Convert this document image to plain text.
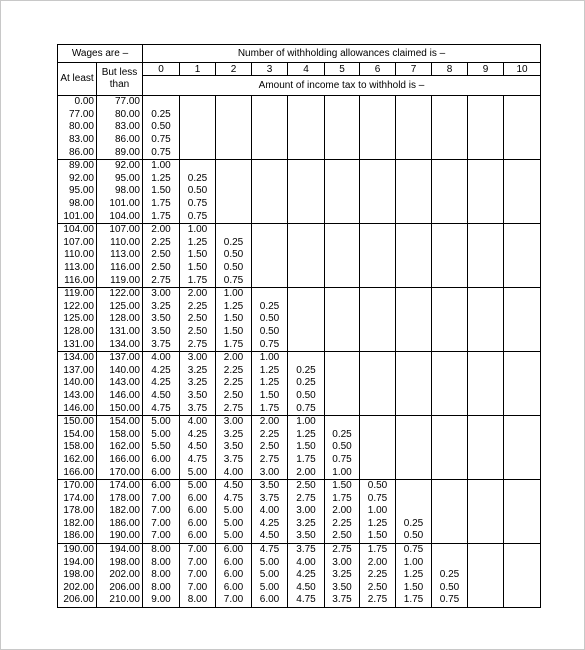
Wages are –		Number of withholding allowances claimed is –										
At least	But less than	0	1	2	3	4	5	6	7	8	9	10
		Amount of income tax to withhold is –										
0.00	77.00											
77.00	80.00	0.25										
80.00	83.00	0.50										
83.00	86.00	0.75										
86.00	89.00	0.75										
89.00	92.00	1.00										
92.00	95.00	1.25	0.25									
95.00	98.00	1.50	0.50									
98.00	101.00	1.75	0.75									
101.00	104.00	1.75	0.75									
104.00	107.00	2.00	1.00									
107.00	110.00	2.25	1.25	0.25								
110.00	113.00	2.50	1.50	0.50								
113.00	116.00	2.50	1.50	0.50								
116.00	119.00	2.75	1.75	0.75								
119.00	122.00	3.00	2.00	1.00								
122.00	125.00	3.25	2.25	1.25	0.25							
125.00	128.00	3.50	2.50	1.50	0.50							
128.00	131.00	3.50	2.50	1.50	0.50							
131.00	134.00	3.75	2.75	1.75	0.75							
134.00	137.00	4.00	3.00	2.00	1.00							
137.00	140.00	4.25	3.25	2.25	1.25	0.25						
140.00	143.00	4.25	3.25	2.25	1.25	0.25						
143.00	146.00	4.50	3.50	2.50	1.50	0.50						
146.00	150.00	4.75	3.75	2.75	1.75	0.75						
150.00	154.00	5.00	4.00	3.00	2.00	1.00						
154.00	158.00	5.00	4.25	3.25	2.25	1.25	0.25					
158.00	162.00	5.50	4.50	3.50	2.50	1.50	0.50					
162.00	166.00	6.00	4.75	3.75	2.75	1.75	0.75					
166.00	170.00	6.00	5.00	4.00	3.00	2.00	1.00					
170.00	174.00	6.00	5.00	4.50	3.50	2.50	1.50	0.50				
174.00	178.00	7.00	6.00	4.75	3.75	2.75	1.75	0.75				
178.00	182.00	7.00	6.00	5.00	4.00	3.00	2.00	1.00				
182.00	186.00	7.00	6.00	5.00	4.25	3.25	2.25	1.25	0.25			
186.00	190.00	7.00	6.00	5.00	4.50	3.50	2.50	1.50	0.50			
190.00	194.00	8.00	7.00	6.00	4.75	3.75	2.75	1.75	0.75			
194.00	198.00	8.00	7.00	6.00	5.00	4.00	3.00	2.00	1.00			
198.00	202.00	8.00	7.00	6.00	5.00	4.25	3.25	2.25	1.25	0.25		
202.00	206.00	8.00	7.00	6.00	5.00	4.50	3.50	2.50	1.50	0.50		
206.00	210.00	9.00	8.00	7.00	6.00	4.75	3.75	2.75	1.75	0.75		
